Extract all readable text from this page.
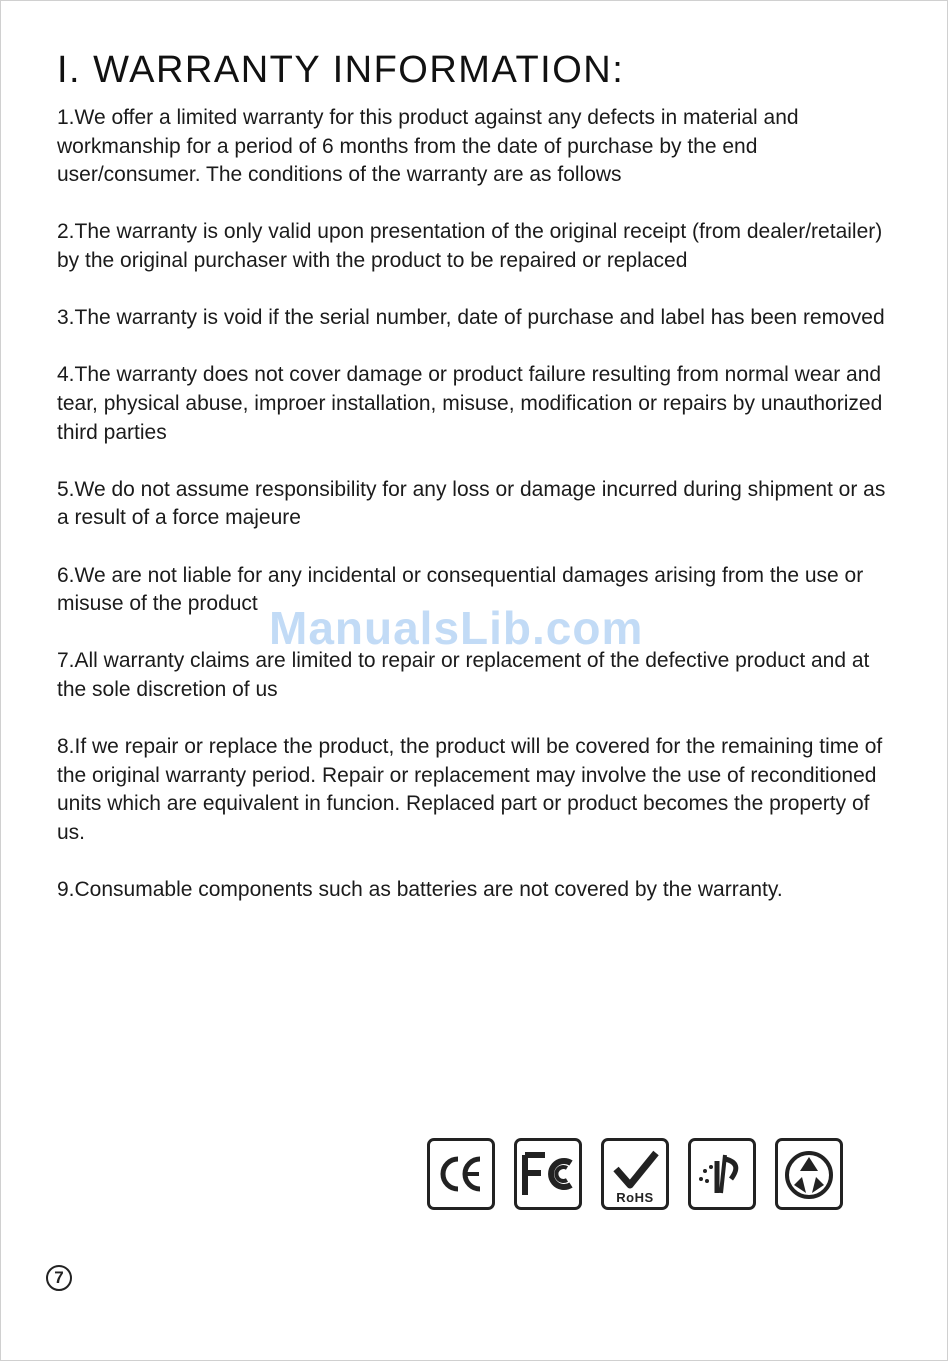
I. WARRANTY INFORMATION:
1.We offer a limited warranty for this product against any defects in material and workmanship for a period of 6 months from the date of purchase by the end user/consumer. The conditions of the warranty are as follows
2.The warranty is only valid upon presentation of the original receipt (from dealer/retailer) by the original purchaser with the product to be repaired or replaced
3.The warranty is void if the serial number, date of purchase and label has been removed
4.The warranty does not cover damage or product failure resulting from normal wear and tear, physical abuse, improer installation, misuse, modification or repairs by unauthorized third parties
5.We do not assume responsibility for any loss or damage incurred during shipment or as a result of a force majeure
6.We are not liable for any incidental or consequential damages arising from the use or misuse of the product
7.All warranty claims are limited to repair or replacement of the defective product and at the sole discretion of us
8.If we repair or replace the product, the product will be covered for the remaining time of the original warranty period. Repair or replacement may involve the use of reconditioned units which are equivalent in funcion. Replaced part or product becomes the property of us.
9.Consumable components such as batteries are not covered by the warranty.
ManualsLib.com
RoHS
7
